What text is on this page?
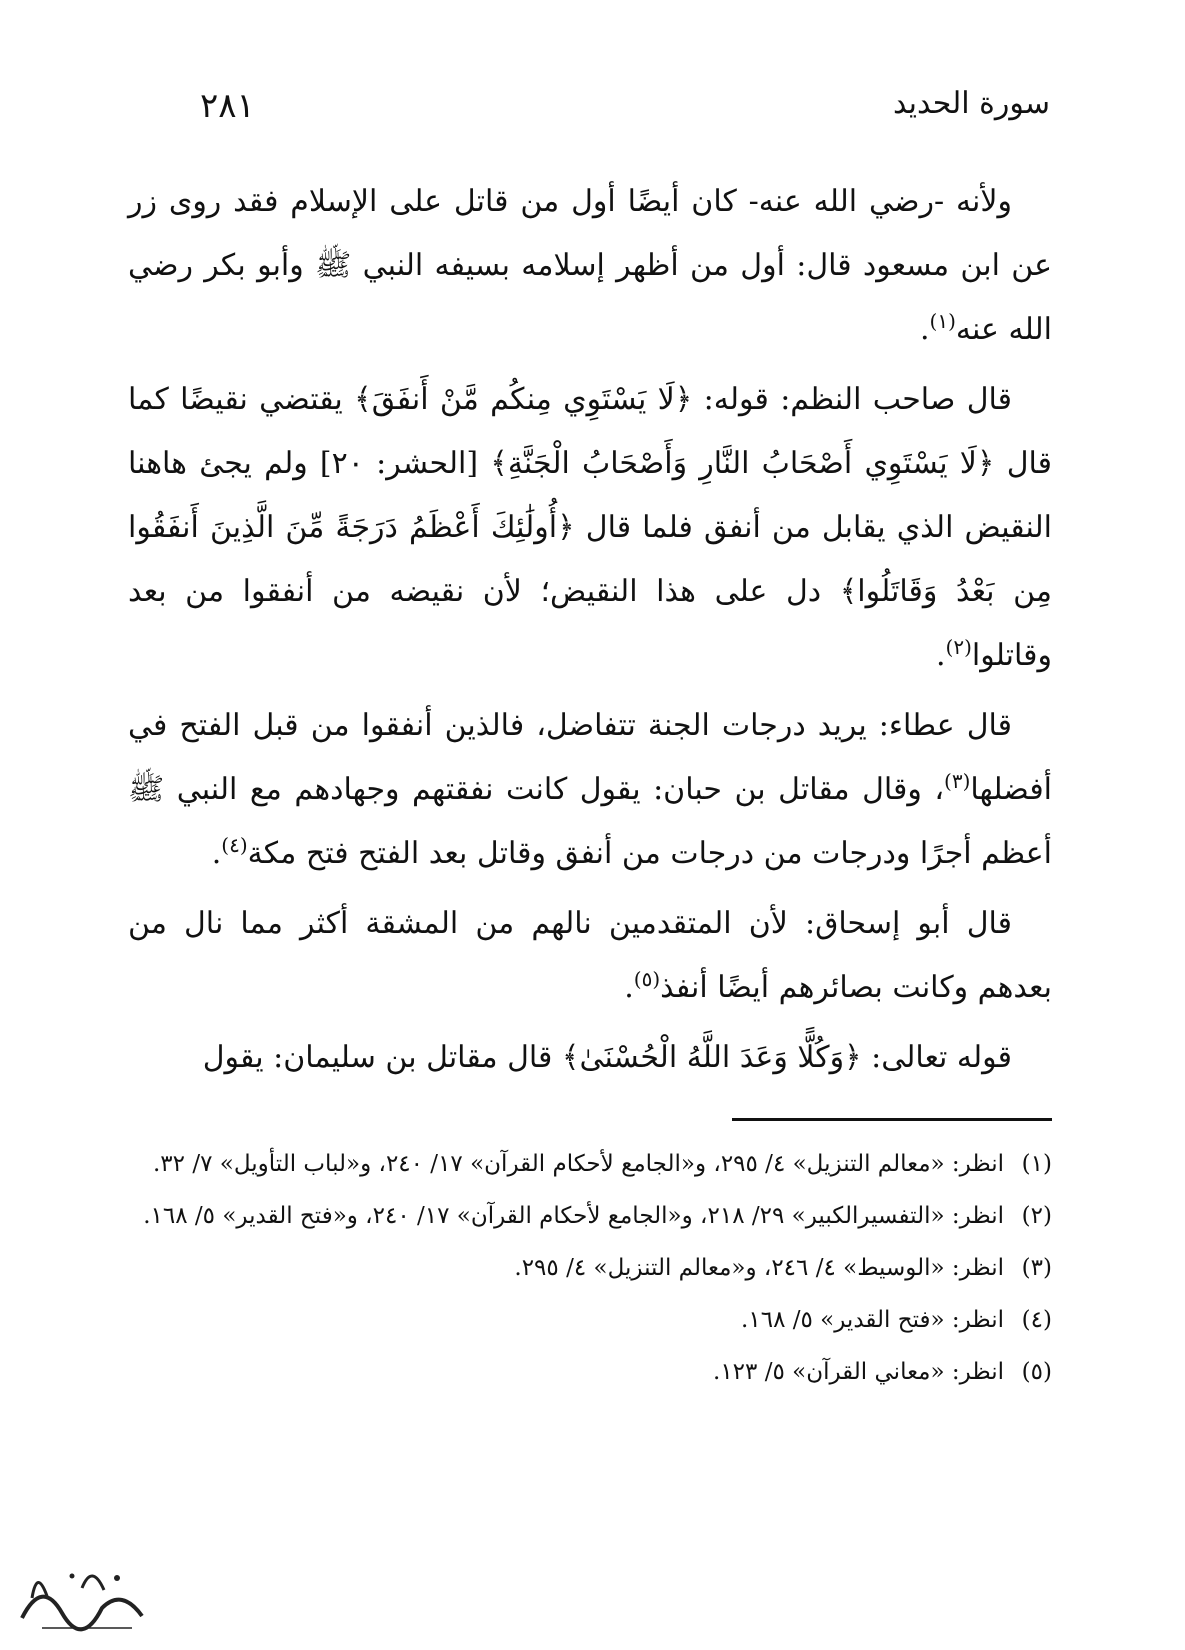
سورة الحديد
٢٨١

ولأنه -رضي الله عنه- كان أيضًا أول من قاتل على الإسلام فقد روى زر عن ابن مسعود قال: أول من أظهر إسلامه بسيفه النبي ﷺ وأبو بكر رضي الله عنه$^{(١)}$.

قال صاحب النظم: قوله: ﴿لَا يَسْتَوِي مِنكُم مَّنْ أَنفَقَ﴾ يقتضي نقيضًا كما قال ﴿لَا يَسْتَوِي أَصْحَابُ النَّارِ وَأَصْحَابُ الْجَنَّةِ﴾ [الحشر: ٢٠] ولم يجئ هاهنا النقيض الذي يقابل من أنفق فلما قال ﴿أُولَٰئِكَ أَعْظَمُ دَرَجَةً مِّنَ الَّذِينَ أَنفَقُوا مِن بَعْدُ وَقَاتَلُوا﴾ دل على هذا النقيض؛ لأن نقيضه من أنفقوا من بعد وقاتلوا$^{(٢)}$.

قال عطاء: يريد درجات الجنة تتفاضل، فالذين أنفقوا من قبل الفتح في أفضلها$^{(٣)}$، وقال مقاتل بن حبان: يقول كانت نفقتهم وجهادهم مع النبي ﷺ أعظم أجرًا ودرجات من درجات من أنفق وقاتل بعد الفتح فتح مكة$^{(٤)}$.

قال أبو إسحاق: لأن المتقدمين نالهم من المشقة أكثر مما نال من بعدهم وكانت بصائرهم أيضًا أنفذ$^{(٥)}$.

قوله تعالى: ﴿وَكُلًّا وَعَدَ اللَّهُ الْحُسْنَىٰ﴾ قال مقاتل بن سليمان: يقول

(١)
انظر: «معالم التنزيل» ٤/ ٢٩٥، و«الجامع لأحكام القرآن» ١٧/ ٢٤٠، و«لباب التأويل» ٧/ ٣٢.
(٢)
انظر: «التفسيرالكبير» ٢٩/ ٢١٨، و«الجامع لأحكام القرآن» ١٧/ ٢٤٠، و«فتح القدير» ٥/ ١٦٨.
(٣)
انظر: «الوسيط» ٤/ ٢٤٦، و«معالم التنزيل» ٤/ ٢٩٥.
(٤)
انظر: «فتح القدير» ٥/ ١٦٨.
(٥)
انظر: «معاني القرآن» ٥/ ١٢٣.
